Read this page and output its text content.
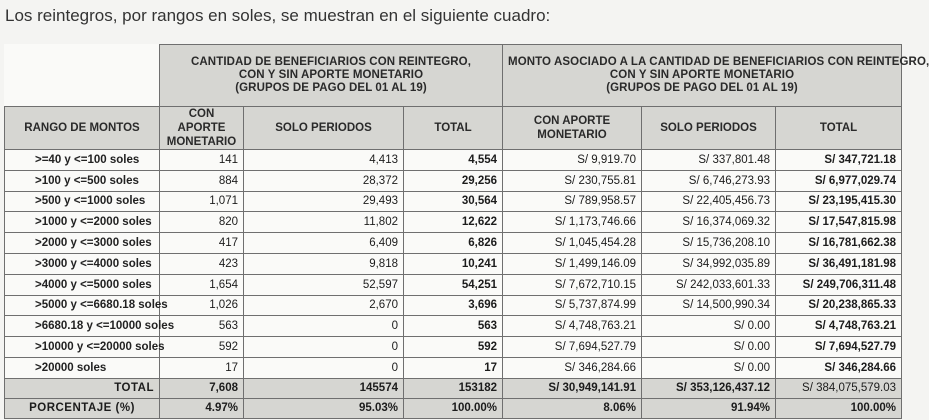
Los reintegros, por rangos en soles, se muestran en el siguiente cuadro:

	CANTIDAD DE BENEFICIARIOS CON REINTEGRO,
CON Y SIN APORTE MONETARIO
(GRUPOS DE PAGO DEL 01 AL 19)			MONTO ASOCIADO A LA CANTIDAD DE BENEFICIARIOS CON REINTEGRO,
CON Y SIN APORTE MONETARIO
(GRUPOS DE PAGO DEL 01 AL 19)		

RANGO DE MONTOS	CON APORTE MONETARIO	SOLO PERIODOS	TOTAL	CON APORTE MONETARIO	SOLO PERIODOS	TOTAL
>=40 y <=100 soles	141	4,413	4,554	S/ 9,919.70	S/ 337,801.48	S/ 347,721.18
>100 y <=500 soles	884	28,372	29,256	S/ 230,755.81	S/ 6,746,273.93	S/ 6,977,029.74
>500 y <=1000 soles	1,071	29,493	30,564	S/ 789,958.57	S/ 22,405,456.73	S/ 23,195,415.30
>1000 y <=2000 soles	820	11,802	12,622	S/ 1,173,746.66	S/ 16,374,069.32	S/ 17,547,815.98
>2000 y <=3000 soles	417	6,409	6,826	S/ 1,045,454.28	S/ 15,736,208.10	S/ 16,781,662.38
>3000 y <=4000 soles	423	9,818	10,241	S/ 1,499,146.09	S/ 34,992,035.89	S/ 36,491,181.98
>4000 y <=5000 soles	1,654	52,597	54,251	S/ 7,672,710.15	S/ 242,033,601.33	S/ 249,706,311.48
>5000 y <=6680.18 soles	1,026	2,670	3,696	S/ 5,737,874.99	S/ 14,500,990.34	S/ 20,238,865.33
>6680.18 y <=10000 soles	563	0	563	S/ 4,748,763.21	S/ 0.00	S/ 4,748,763.21
>10000 y <=20000 soles	592	0	592	S/ 7,694,527.79	S/ 0.00	S/ 7,694,527.79
>20000 soles	17	0	17	S/ 346,284.66	S/ 0.00	S/ 346,284.66
TOTAL	7,608	145574	153182	S/ 30,949,141.91	S/ 353,126,437.12	S/ 384,075,579.03
PORCENTAJE (%)	4.97%	95.03%	100.00%	8.06%	91.94%	100.00%
